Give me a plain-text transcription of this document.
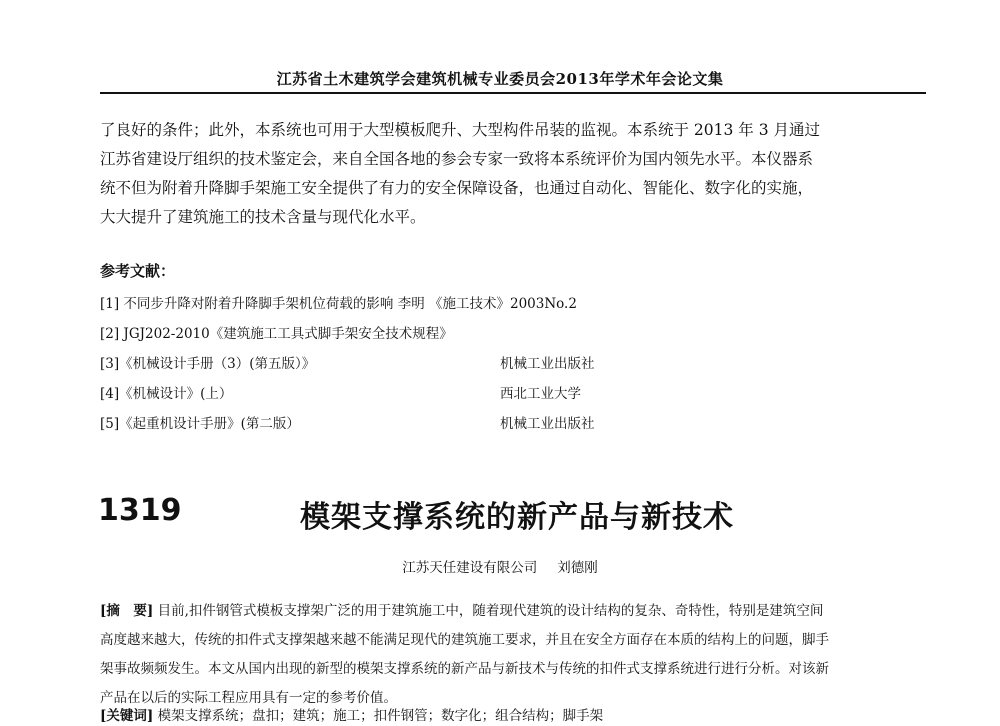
江苏省土木建筑学会建筑机械专业委员会2013年学术年会论文集
了良好的条件；此外，本系统也可用于大型模板爬升、大型构件吊装的监视。本系统于 2013 年 3 月通过
江苏省建设厅组织的技术鉴定会，来自全国各地的参会专家一致将本系统评价为国内领先水平。本仪器系
统不但为附着升降脚手架施工安全提供了有力的安全保障设备，也通过自动化、智能化、数字化的实施，
大大提升了建筑施工的技术含量与现代化水平。
参考文献：
[1] 不同步升降对附着升降脚手架机位荷载的影响 李明 《施工技术》2003No.2
[2] JGJ202-2010《建筑施工工具式脚手架安全技术规程》
[3]《机械设计手册（3）(第五版）》	机械工业出版社
[4]《机械设计》(上）	西北工业大学
[5]《起重机设计手册》(第二版）	机械工业出版社
1319	模架支撑系统的新产品与新技术
江苏天任建设有限公司 刘德刚
[摘　要] 目前,扣件钢管式模板支撑架广泛的用于建筑施工中，随着现代建筑的设计结构的复杂、奇特性，特别是建筑空间
高度越来越大，传统的扣件式支撑架越来越不能满足现代的建筑施工要求，并且在安全方面存在本质的结构上的问题，脚手
架事故频频发生。本文从国内出现的新型的模架支撑系统的新产品与新技术与传统的扣件式支撑系统进行进行分析。对该新
产品在以后的实际工程应用具有一定的参考价值。
[关键词] 模架支撑系统；盘扣；建筑；施工；扣件钢管；数字化；组合结构；脚手架
